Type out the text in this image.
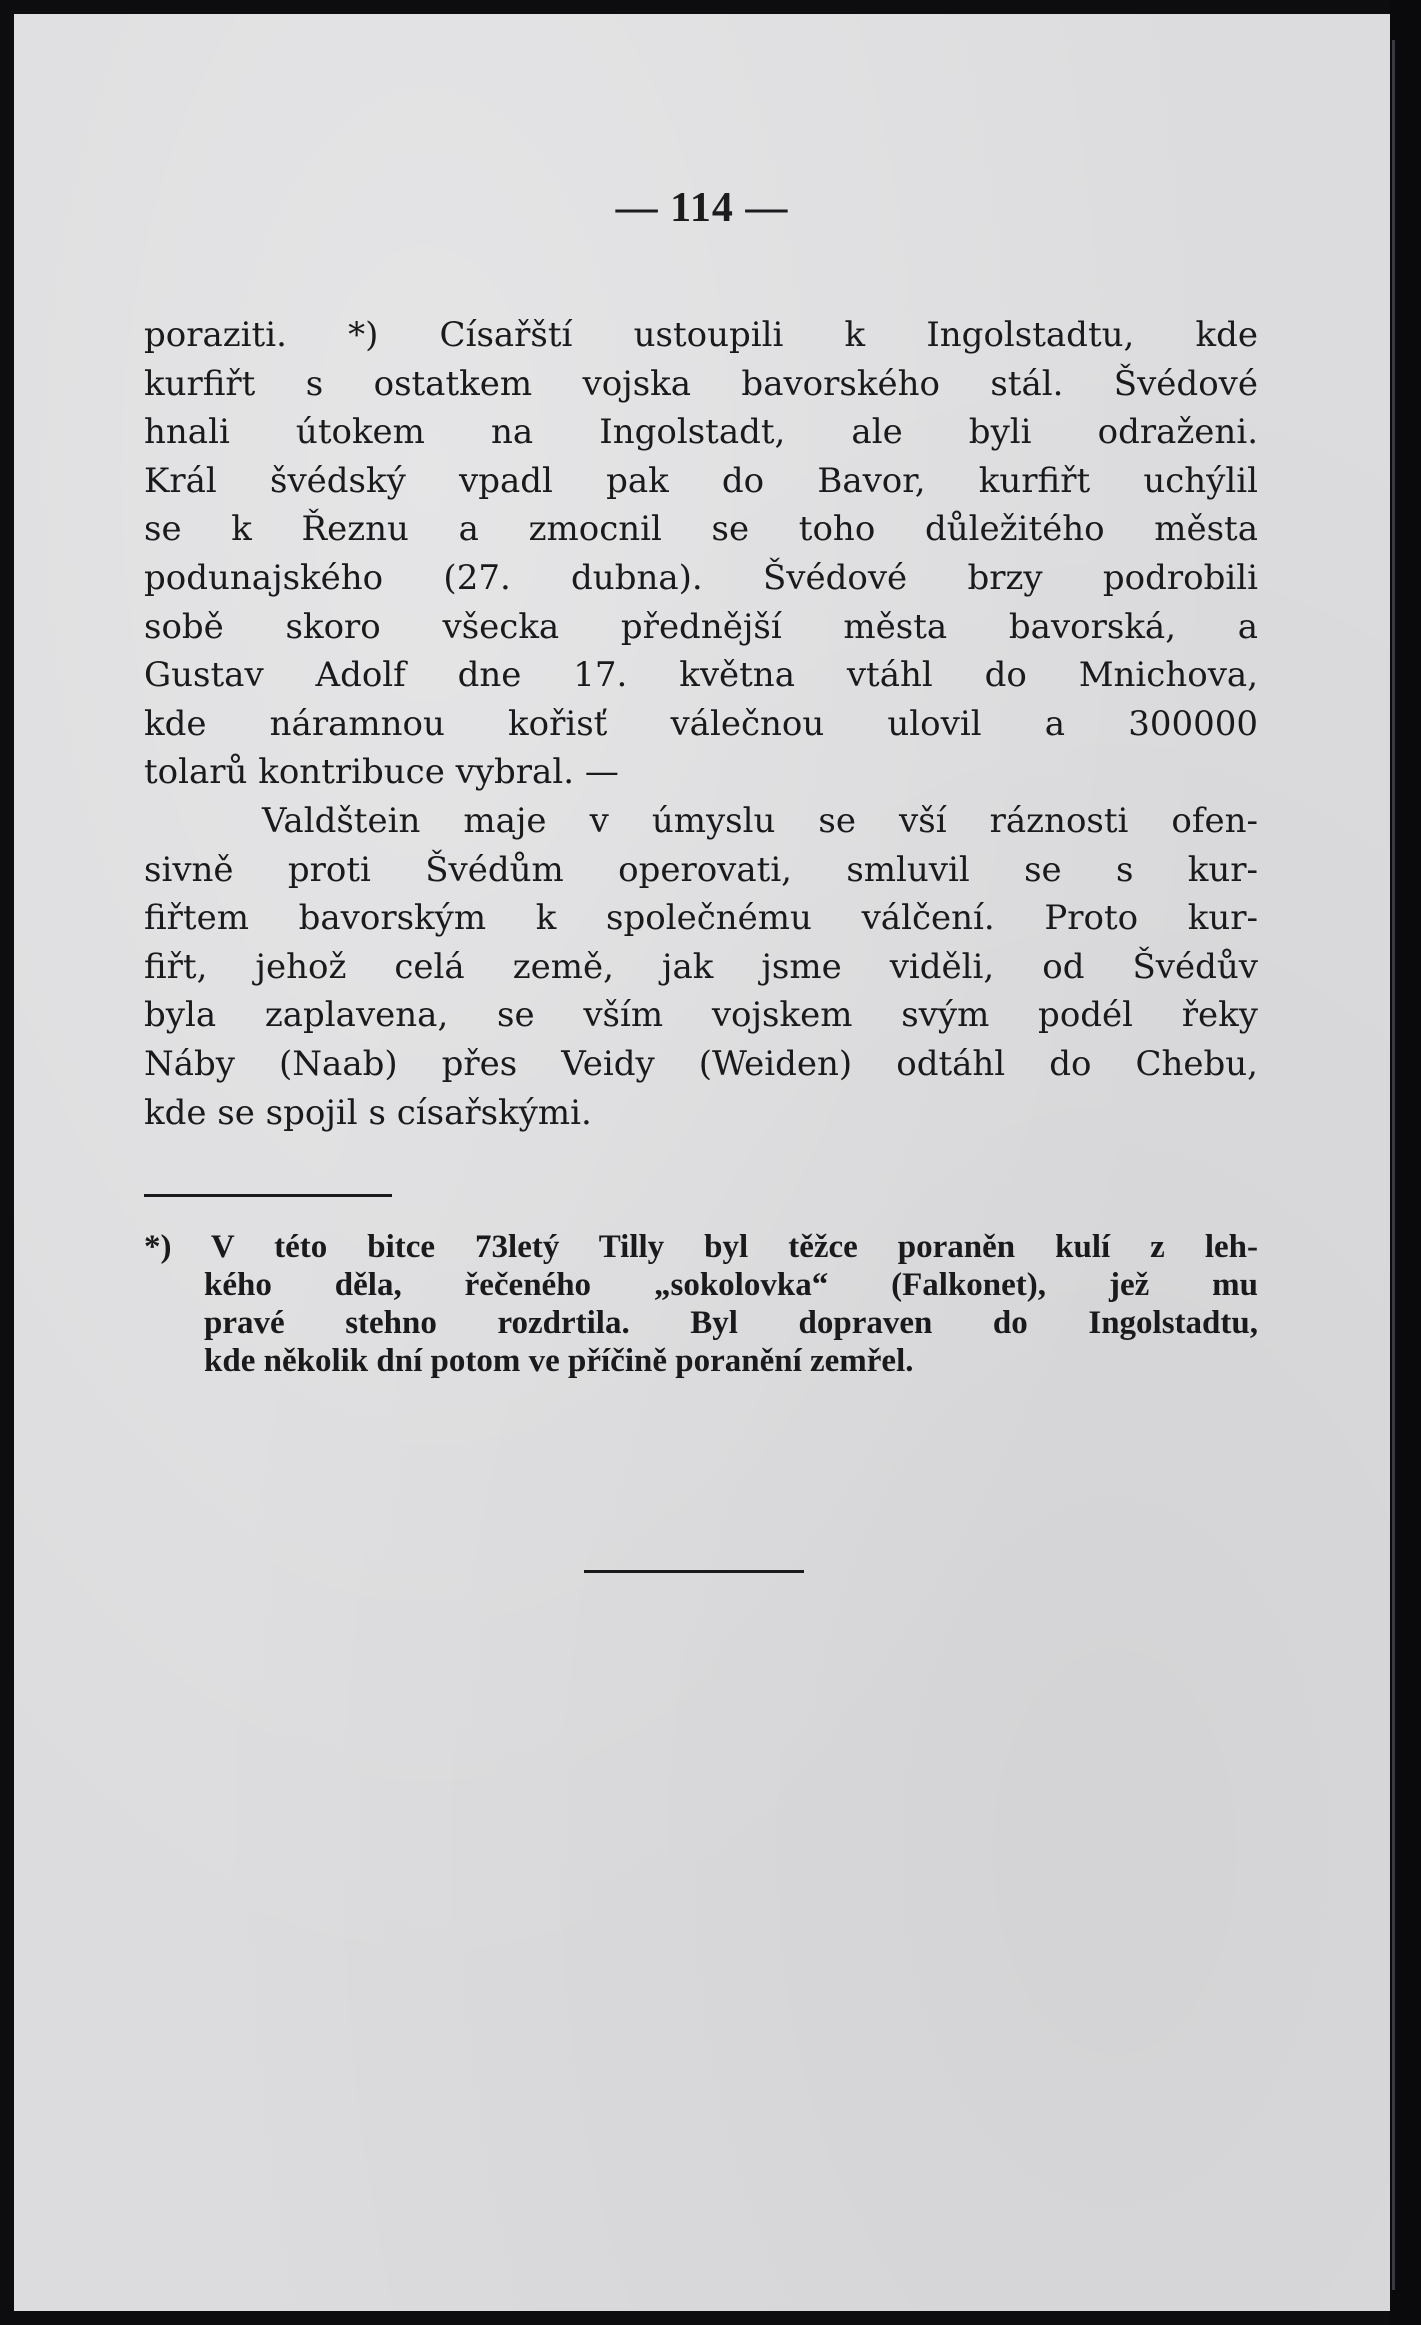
— 114 —
poraziti. *) Císařští ustoupili k Ingolstadtu, kde
kurfiřt s ostatkem vojska bavorského stál. Švédové
hnali útokem na Ingolstadt, ale byli odraženi.
Král švédský vpadl pak do Bavor, kurfiřt uchýlil
se k Řeznu a zmocnil se toho důležitého města
podunajského (27. dubna). Švédové brzy podrobili
sobě skoro všecka přednější města bavorská, a
Gustav Adolf dne 17. května vtáhl do Mnichova,
kde náramnou kořisť válečnou ulovil a 300000
tolarů kontribuce vybral. —
Valdštein maje v úmyslu se vší ráznosti ofen-
sivně proti Švédům operovati, smluvil se s kur-
fiřtem bavorským k společnému válčení. Proto kur-
fiřt, jehož celá země, jak jsme viděli, od Švédův
byla zaplavena, se vším vojskem svým podél řeky
Náby (Naab) přes Veidy (Weiden) odtáhl do Chebu,
kde se spojil s císařskými.
*) V této bitce 73letý Tilly byl těžce poraněn kulí z leh-
kého děla, řečeného „sokolovka“ (Falkonet), jež mu
pravé stehno rozdrtila. Byl dopraven do Ingolstadtu,
kde několik dní potom ve příčině poranění zemřel.
